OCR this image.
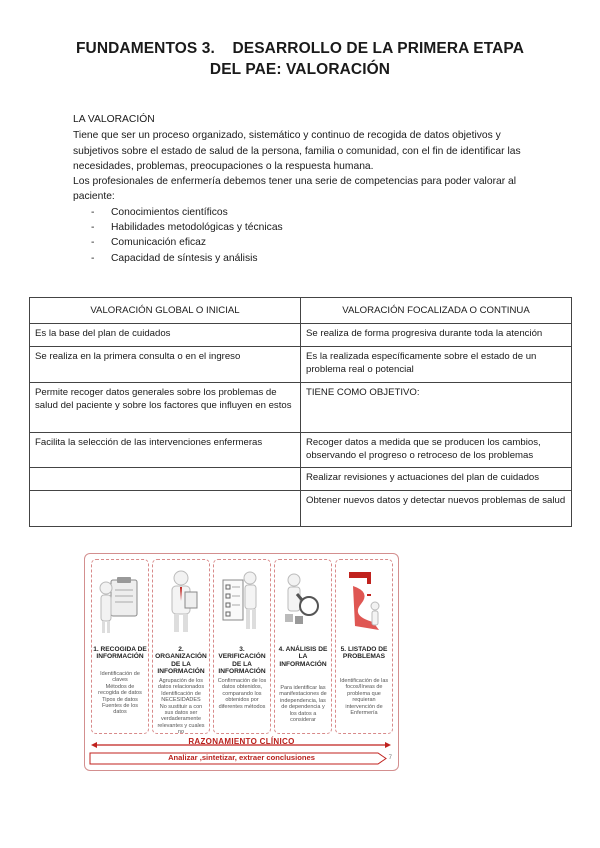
FUNDAMENTOS 3.    DESARROLLO DE LA PRIMERA ETAPA
DEL PAE: VALORACIÓN

LA VALORACIÓN

Tiene que ser un proceso organizado, sistemático y continuo de recogida de datos objetivos y subjetivos sobre el estado de salud de la persona, familia o comunidad, con el fin de identificar las necesidades, problemas, preocupaciones o la respuesta humana.

Los profesionales de enfermería debemos tener una serie de competencias para poder valorar al paciente:

- Conocimientos científicos
- Habilidades metodológicas y técnicas
- Comunicación eficaz
- Capacidad de síntesis y análisis
VALORACIÓN GLOBAL O INICIAL	VALORACIÓN FOCALIZADA O CONTINUA
Es la base del plan de cuidados	Se realiza de forma progresiva durante toda la atención
Se realiza en la primera consulta o en el ingreso	Es la realizada específicamente sobre el estado de un problema real o potencial
Permite recoger datos generales sobre los problemas de salud del paciente y sobre los factores que influyen en estos	TIENE COMO OBJETIVO:
Facilita la selección de las intervenciones enfermeras	Recoger datos a medida que se producen los cambios, observando el progreso o retroceso de los problemas
	Realizar revisiones y actuaciones del plan de cuidados
	Obtener nuevos datos y detectar nuevos problemas de salud
1. RECOGIDA DE INFORMACIÓN
Identificación de claves
Métodos de recogida de datos
Tipos de datos
Fuentes de los datos
2. ORGANIZACIÓN DE LA INFORMACIÓN
Agrupación de los datos relacionados Identificación de NECESIDADES
No sustituir a con sus datos ser verdaderamente relevantes y cuales no
3. VERIFICACIÓN DE LA INFORMACIÓN
Confirmación de los datos obtenidos, comparando los obtenidos por diferentes métodos
4. ANÁLISIS DE LA INFORMACIÓN
Para identificar las manifestaciones de independencia, las de dependencia y los datos a considerar
5. LISTADO DE PROBLEMAS
Identificación de las focos/líneas de problema que requieran intervención de Enfermería
RAZONAMIENTO CLÍNICO
Analizar ,sintetizar, extraer conclusiones	7
